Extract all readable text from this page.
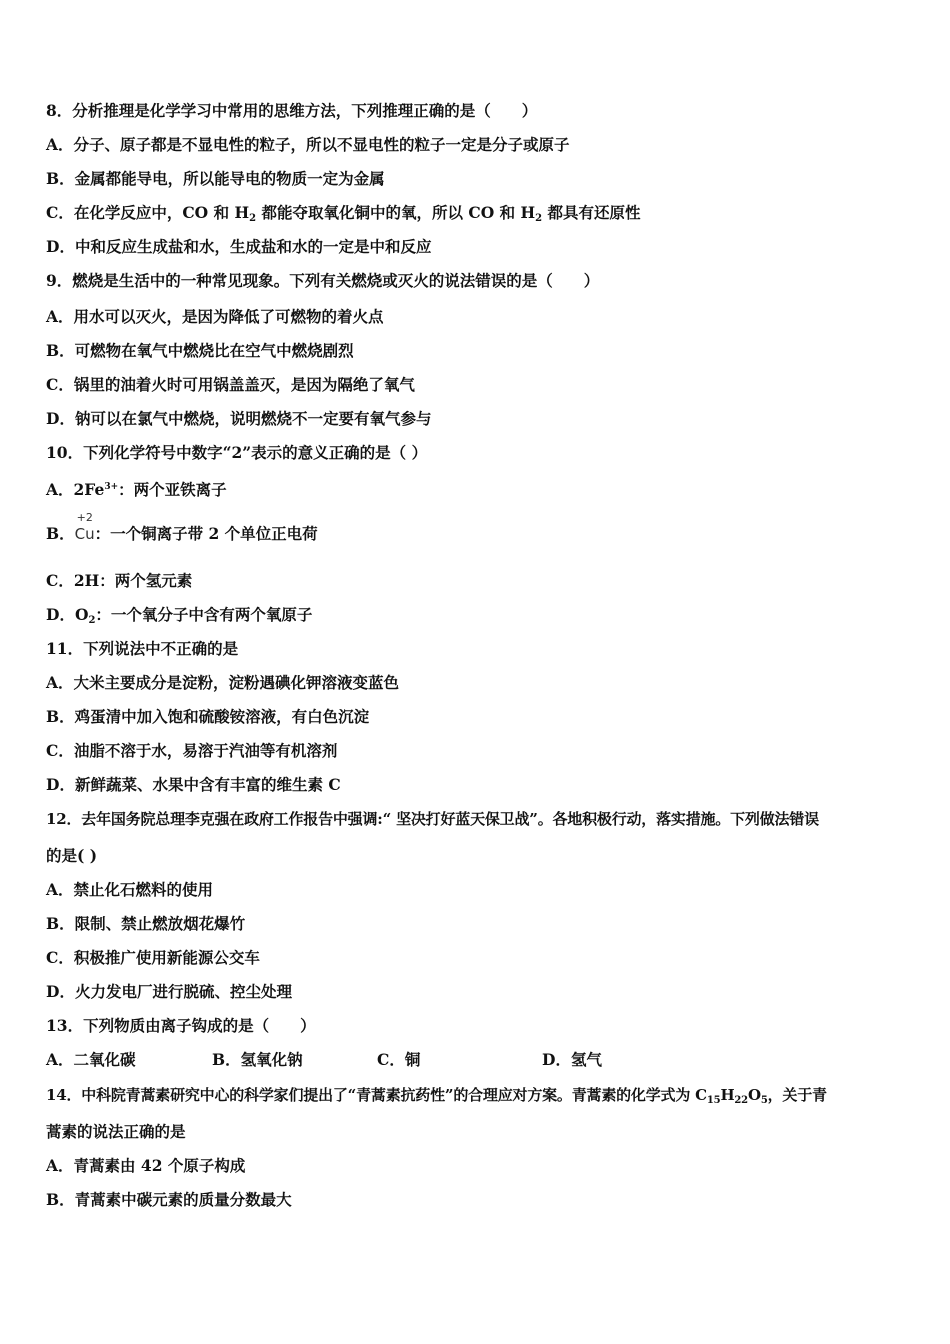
8．分析推理是化学学习中常用的思维方法，下列推理正确的是（　　）
A．分子、原子都是不显电性的粒子，所以不显电性的粒子一定是分子或原子
B．金属都能导电，所以能导电的物质一定为金属
C．在化学反应中，CO 和 $H_2$ 都能夺取氧化铜中的氧，所以 CO 和 $H_2$ 都具有还原性
D．中和反应生成盐和水，生成盐和水的一定是中和反应
9．燃烧是生活中的一种常见现象。下列有关燃烧或灭火的说法错误的是（　　）
A．用水可以灭火，是因为降低了可燃物的着火点
B．可燃物在氧气中燃烧比在空气中燃烧剧烈
C．锅里的油着火时可用锅盖盖灭，是因为隔绝了氧气
D．钠可以在氯气中燃烧，说明燃烧不一定要有氧气参与
10．下列化学符号中数字“2”表示的意义正确的是（ ）
A．$2Fe^{3+}$：两个亚铁离子
B．
+2
Cu：一个铜离子带 2 个单位正电荷
C．2H：两个氢元素
D．$O_2$：一个氧分子中含有两个氧原子
11．下列说法中不正确的是
A．大米主要成分是淀粉，淀粉遇碘化钾溶液变蓝色
B．鸡蛋清中加入饱和硫酸铵溶液，有白色沉淀
C．油脂不溶于水，易溶于汽油等有机溶剂
D．新鲜蔬菜、水果中含有丰富的维生素 C
12．去年国务院总理李克强在政府工作报告中强调:“ 坚决打好蓝天保卫战”。各地积极行动，落实措施。下列做法错误
的是( )
A．禁止化石燃料的使用
B．限制、禁止燃放烟花爆竹
C．积极推广使用新能源公交车
D．火力发电厂进行脱硫、控尘处理
13．下列物质由离子钩成的是（　　）
A．二氧化碳	B．氢氧化钠	C．铜	D．氢气
14．中科院青蒿素研究中心的科学家们提出了“青蒿素抗药性”的合理应对方案。青蒿素的化学式为 $C_{15}H_{22}O_5$，关于青
蒿素的说法正确的是
A．青蒿素由 42 个原子构成
B．青蒿素中碳元素的质量分数最大
